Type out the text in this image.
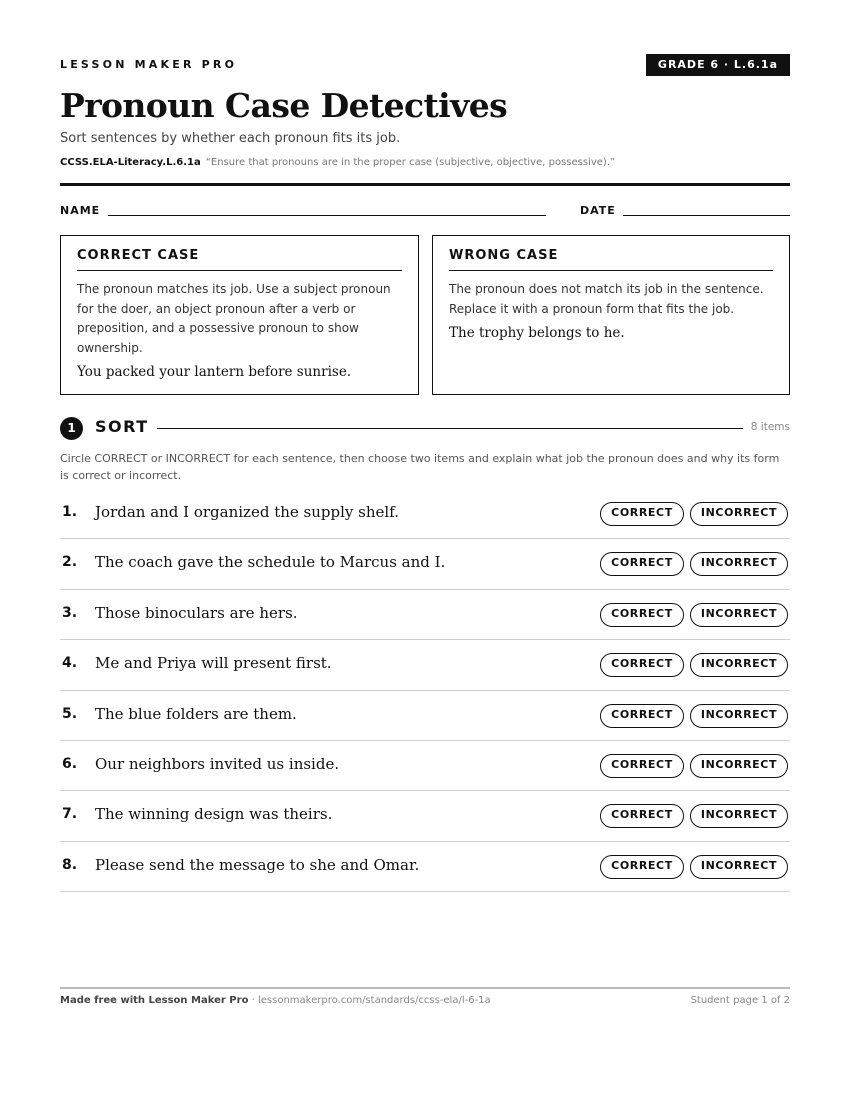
LESSON MAKER PRO	GRADE 6 · L.6.1a
Pronoun Case Detectives
Sort sentences by whether each pronoun fits its job.
CCSS.ELA-Literacy.L.6.1a “Ensure that pronouns are in the proper case (subjective, objective, possessive).”
NAME	DATE
CORRECT CASE

The pronoun matches its job. Use a subject pronoun for the doer, an object pronoun after a verb or preposition, and a possessive pronoun to show ownership.

You packed your lantern before sunrise.

WRONG CASE

The pronoun does not match its job in the sentence. Replace it with a pronoun form that fits the job.

The trophy belongs to he.

1	SORT	8 items
Circle CORRECT or INCORRECT for each sentence, then choose two items and explain what job the pronoun does and why its form is correct or incorrect.
1. Jordan and I organized the supply shelf.	CORRECT	INCORRECT
2. The coach gave the schedule to Marcus and I.	CORRECT	INCORRECT
3. Those binoculars are hers.	CORRECT	INCORRECT
4. Me and Priya will present first.	CORRECT	INCORRECT
5. The blue folders are them.	CORRECT	INCORRECT
6. Our neighbors invited us inside.	CORRECT	INCORRECT
7. The winning design was theirs.	CORRECT	INCORRECT
8. Please send the message to she and Omar.	CORRECT	INCORRECT
Made free with Lesson Maker Pro · lessonmakerpro.com/standards/ccss-ela/l-6-1a	Student page 1 of 2
